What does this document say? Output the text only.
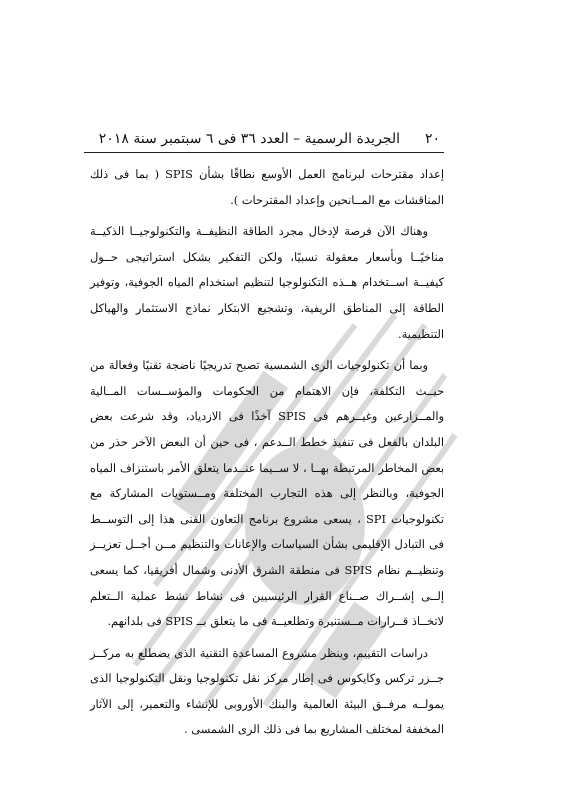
٢٠
الجريدة الرسمية – العدد ٣٦ فى ٦ سبتمبر سنة ٢٠١٨

إعداد مقترحات لبرنامج العمل الأوسع نطاقًا بشأن SPIS ( بما فى ذلك المناقشات مع المــانحين وإعداد المقترحات ).

وهناك الآن فرصة لإدخال مجرد الطاقة النظيفــة والتكنولوجيــا الذكيــة مناخيًــا وبأسعار معقولة نسبيًا، ولكن التفكير بشكل استراتيجى حــول كيفيــة اســتخدام هــذه التكنولوجيا لتنظيم استخدام المياه الجوفية، وتوفير الطاقة إلى المناطق الريفية، وتشجيع الابتكار نماذج الاستثمار والهياكل التنظيمية.

وبما أن تكنولوجيات الرى الشمسية تصبح تدريجيًا ناضجة تقنيًا وفعالة من حيــث التكلفة، فإن الاهتمام من الحكومات والمؤســسات المــالية والمــزارعين وغيــرهم فى SPIS آخذًا فى الازدياد، وقد شرعت بعض البلدان بالفعل فى تنفيذ خطط الــدعم ، فى حين أن البعض الآخر حذر من بعض المخاطر المرتبطة بهــا ، لا ســيما عنــدما يتعلق الأمر باستنزاف المياه الجوفية، وبالنظر إلى هذه التجارب المختلفة ومــستويات المشاركة مع تكنولوجيات SPI ، يسعى مشروع برنامج التعاون الفنى هذا إلى التوســط فى التبادل الإقليمى بشأن السياسات والإعانات والتنظيم مــن أجــل تعزيــز وتنظيــم نظام SPIS فى منطقة الشرق الأدنى وشمال أفريقيا، كما يسعى إلــى إشــراك صــناع القرار الرئيسيين فى نشاط نشط عملية الــتعلم لاتخــاذ قــرارات مــستنيرة وتطلعيــة فى ما يتعلق بــ SPIS فى بلدانهم.

دراسات التقييم، وينظر مشروع المساعدة التقنية الذى يضطلع به مركــز جــزر تركس وكايكوس فى إطار مركز نقل تكنولوجيا ونقل التكنولوجيا الذى يمولــه مرفــق البيئة العالمية والبنك الأوروبى للإنشاء والتعمير، إلى الآثار المخففة لمختلف المشاريع بما فى ذلك الرى الشمسى .
